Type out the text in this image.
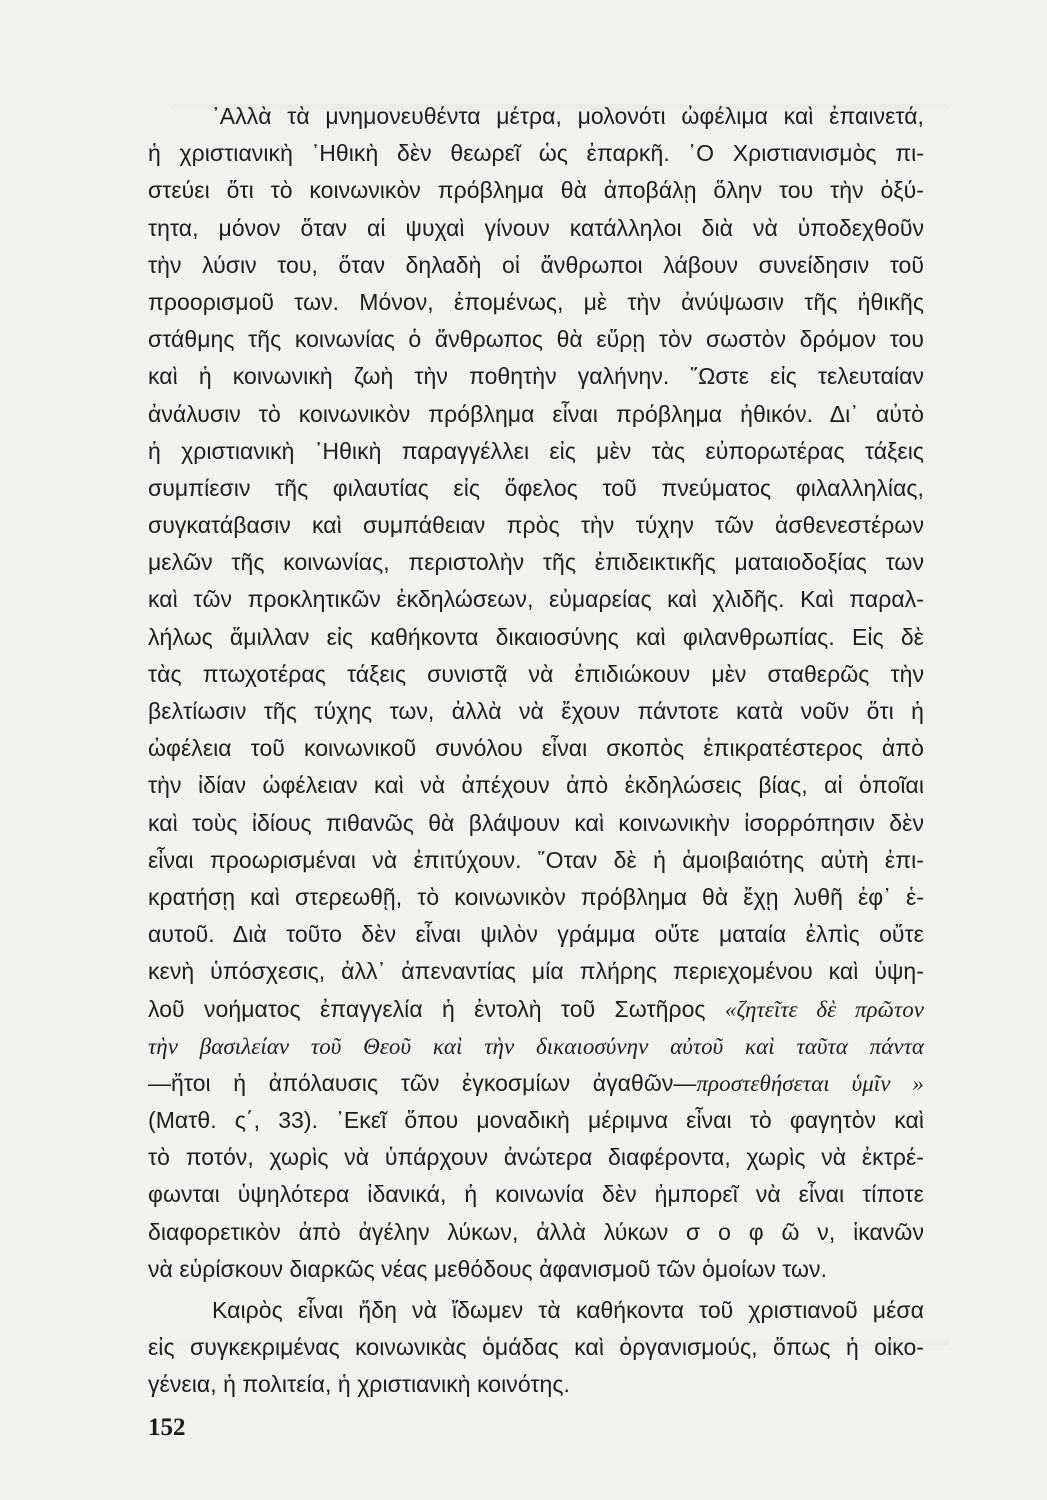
᾿Αλλὰ τὰ μνημονευθέντα μέτρα, μολονότι ὠφέλιμα καὶ ἐπαινετά,
ἡ χριστιανικὴ ᾿Ηθικὴ δὲν θεωρεῖ ὡς ἐπαρκῆ. ῾Ο Χριστιανισμὸς πι-
στεύει ὅτι τὸ κοινωνικὸν πρόβλημα θὰ ἀποβάλῃ ὅλην του τὴν ὀξύ-
τητα, μόνον ὅταν αἱ ψυχαὶ γίνουν κατάλληλοι διὰ νὰ ὑποδεχθοῦν
τὴν λύσιν του, ὅταν δηλαδὴ οἱ ἄνθρωποι λάβουν συνείδησιν τοῦ
προορισμοῦ των. Μόνον, ἐπομένως, μὲ τὴν ἀνύψωσιν τῆς ἠθικῆς
στάθμης τῆς κοινωνίας ὁ ἄνθρωπος θὰ εὕρῃ τὸν σωστὸν δρόμον του
καὶ ἡ κοινωνικὴ ζωὴ τὴν ποθητὴν γαλήνην. ῞Ωστε εἰς τελευταίαν
ἀνάλυσιν τὸ κοινωνικὸν πρόβλημα εἶναι πρόβλημα ἠθικόν. Δι᾿ αὐτὸ
ἡ χριστιανικὴ ᾿Ηθικὴ παραγγέλλει εἰς μὲν τὰς εὐπορωτέρας τάξεις
συμπίεσιν τῆς φιλαυτίας εἰς ὄφελος τοῦ πνεύματος φιλαλληλίας,
συγκατάβασιν καὶ συμπάθειαν πρὸς τὴν τύχην τῶν ἀσθενεστέρων
μελῶν τῆς κοινωνίας, περιστολὴν τῆς ἐπιδεικτικῆς ματαιοδοξίας των
καὶ τῶν προκλητικῶν ἐκδηλώσεων, εὐμαρείας καὶ χλιδῆς. Καὶ παραλ-
λήλως ἅμιλλαν εἰς καθήκοντα δικαιοσύνης καὶ φιλανθρωπίας. Εἰς δὲ
τὰς πτωχοτέρας τάξεις συνιστᾷ νὰ ἐπιδιώκουν μὲν σταθερῶς τὴν
βελτίωσιν τῆς τύχης των, ἀλλὰ νὰ ἔχουν πάντοτε κατὰ νοῦν ὅτι ἡ
ὠφέλεια τοῦ κοινωνικοῦ συνόλου εἶναι σκοπὸς ἐπικρατέστερος ἀπὸ
τὴν ἰδίαν ὠφέλειαν καὶ νὰ ἀπέχουν ἀπὸ ἐκδηλώσεις βίας, αἱ ὁποῖαι
καὶ τοὺς ἰδίους πιθανῶς θὰ βλάψουν καὶ κοινωνικὴν ἰσορρόπησιν δὲν
εἶναι προωρισμέναι νὰ ἐπιτύχουν. ῞Οταν δὲ ἡ ἀμοιβαιότης αὐτὴ ἐπι-
κρατήσῃ καὶ στερεωθῇ, τὸ κοινωνικὸν πρόβλημα θὰ ἔχῃ λυθῆ ἐφ᾿ ἑ-
αυτοῦ. Διὰ τοῦτο δὲν εἶναι ψιλὸν γράμμα οὔτε ματαία ἐλπὶς οὔτε
κενὴ ὑπόσχεσις, ἀλλ᾿ ἀπεναντίας μία πλήρης περιεχομένου καὶ ὑψη-
λοῦ νοήματος ἐπαγγελία ἡ ἐντολὴ τοῦ Σωτῆρος «ζητεῖτε δὲ πρῶτον
τὴν βασιλείαν τοῦ Θεοῦ καὶ τὴν δικαιοσύνην αὐτοῦ καὶ ταῦτα πάντα
—ἤτοι ἡ ἀπόλαυσις τῶν ἐγκοσμίων ἀγαθῶν—προστεθήσεται ὑμῖν »
(Ματθ. ς΄, 33). ᾿Εκεῖ ὅπου μοναδικὴ μέριμνα εἶναι τὸ φαγητὸν καὶ
τὸ ποτόν, χωρὶς νὰ ὑπάρχουν ἀνώτερα διαφέροντα, χωρὶς νὰ ἐκτρέ-
φωνται ὑψηλότερα ἰδανικά, ἡ κοινωνία δὲν ἠμπορεῖ νὰ εἶναι τίποτε
διαφορετικὸν ἀπὸ ἀγέλην λύκων, ἀλλὰ λύκων σ ο φ ῶ ν, ἱκανῶν
νὰ εὑρίσκουν διαρκῶς νέας μεθόδους ἀφανισμοῦ τῶν ὁμοίων των.
Καιρὸς εἶναι ἤδη νὰ ἴδωμεν τὰ καθήκοντα τοῦ χριστιανοῦ μέσα
εἰς συγκεκριμένας κοινωνικὰς ὁμάδας καὶ ὀργανισμούς, ὅπως ἡ οἰκο-
γένεια, ἡ πολιτεία, ἡ χριστιανικὴ κοινότης.
152
